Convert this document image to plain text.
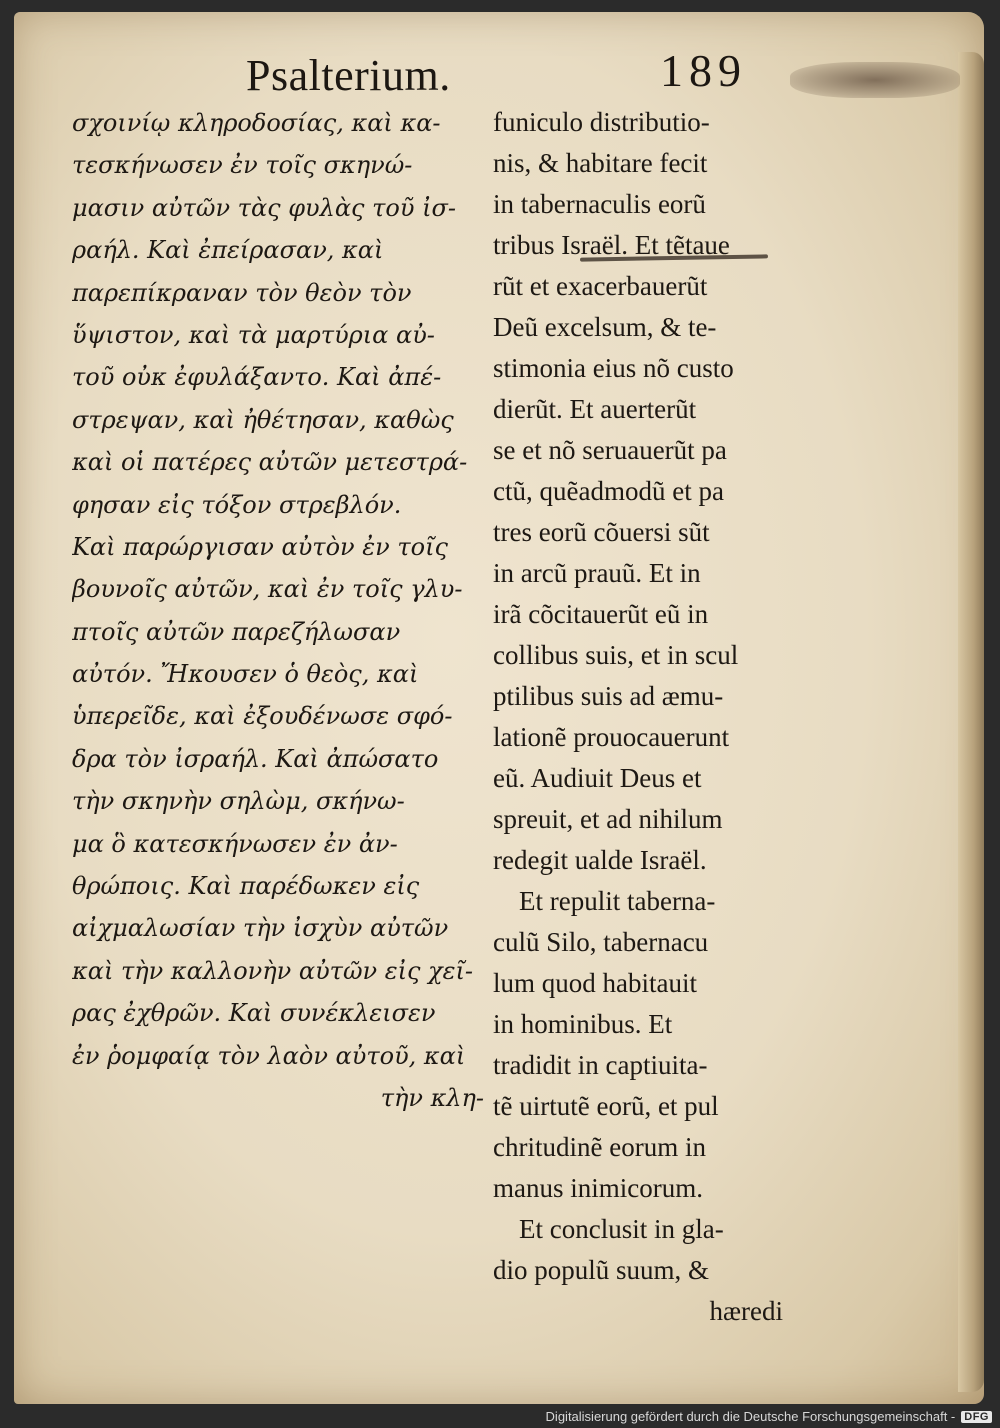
Psalterium.	189
σχοινίῳ κληροδοσίας, καὶ κα-
τεσκήνωσεν ἐν τοῖς σκηνώ-
μασιν αὐτῶν τὰς φυλὰς τοῦ ἰσ-
ραήλ. Καὶ ἐπείρασαν, καὶ
παρεπίκραναν τὸν θεὸν τὸν
ὕψιστον, καὶ τὰ μαρτύρια αὐ-
τοῦ οὐκ ἐφυλάξαντο. Καὶ ἀπέ-
στρεψαν, καὶ ἠθέτησαν, καθὼς
καὶ οἱ πατέρες αὐτῶν μετεστρά-
φησαν εἰς τόξον στρεβλόν.
Καὶ παρώργισαν αὐτὸν ἐν τοῖς
βουνοῖς αὐτῶν, καὶ ἐν τοῖς γλυ-
πτοῖς αὐτῶν παρεζήλωσαν
αὐτόν. Ἤκουσεν ὁ θεὸς, καὶ
ὑπερεῖδε, καὶ ἐξουδένωσε σφό-
δρα τὸν ἰσραήλ. Καὶ ἀπώσατο
τὴν σκηνὴν σηλὼμ, σκήνω-
μα ὃ κατεσκήνωσεν ἐν ἀν-
θρώποις. Καὶ παρέδωκεν εἰς
αἰχμαλωσίαν τὴν ἰσχὺν αὐτῶν
καὶ τὴν καλλονὴν αὐτῶν εἰς χεῖ-
ρας ἐχθρῶν. Καὶ συνέκλεισεν
ἐν ῥομφαίᾳ τὸν λαὸν αὐτοῦ, καὶ
τὴν κλη-
funiculo distributio-
nis, & habitare fecit
in tabernaculis eorũ
tribus Israël. Et tẽtaue
rũt et exacerbauerũt
Deũ excelsum, & te-
stimonia eius nõ custo
dierũt. Et auerterũt
se et nõ seruauerũt pa
ctũ, quẽadmodũ et pa
tres eorũ cõuersi sũt
in arcũ prauũ. Et in
irã cõcitauerũt eũ in
collibus suis, et in scul
ptilibus suis ad æmu-
lationẽ prouocauerunt
eũ. Audiuit Deus et
spreuit, et ad nihilum
redegit ualde Israël.
Et repulit taberna-
culũ Silo, tabernacu
lum quod habitauit
in hominibus. Et
tradidit in captiuita-
tẽ uirtutẽ eorũ, et pul
chritudinẽ eorum in
manus inimicorum.
Et conclusit in gla-
dio populũ suum, &
hæredi
Digitalisierung gefördert durch die Deutsche Forschungsgemeinschaft - DFG
